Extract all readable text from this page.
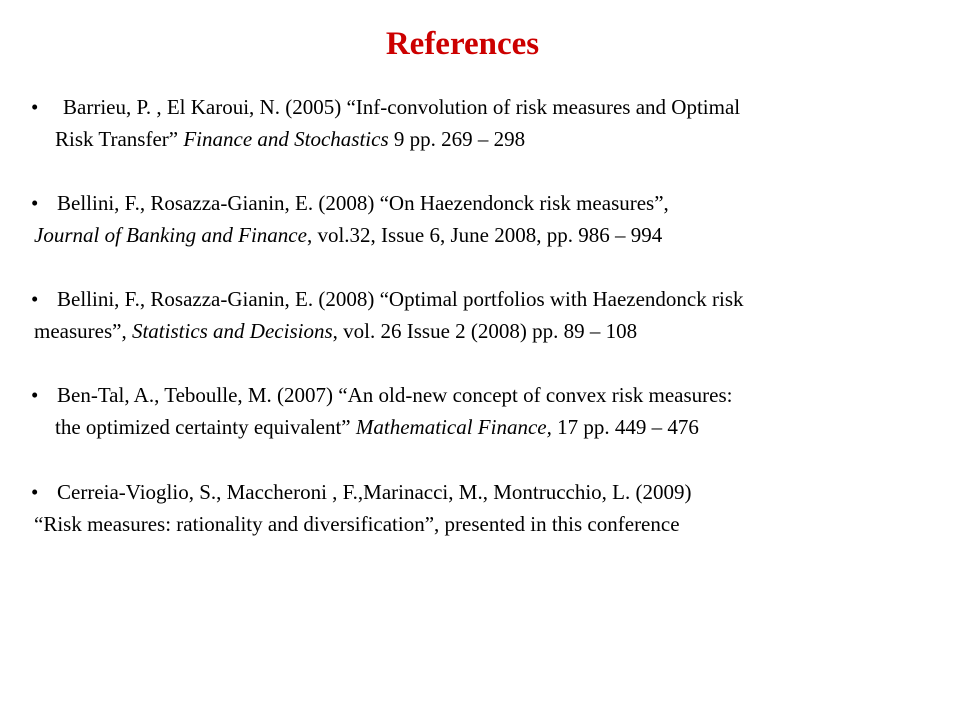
References
• Barrieu, P. , El Karoui, N. (2005) “Inf-convolution of risk measures and Optimal
Risk Transfer” Finance and Stochastics 9 pp. 269 – 298
• Bellini, F., Rosazza-Gianin, E. (2008) “On Haezendonck risk measures”,
Journal of Banking and Finance, vol.32, Issue 6, June 2008, pp. 986 – 994
• Bellini, F., Rosazza-Gianin, E. (2008) “Optimal portfolios with Haezendonck risk
measures”, Statistics and Decisions, vol. 26 Issue 2 (2008) pp. 89 – 108
• Ben-Tal, A., Teboulle, M. (2007) “An old-new concept of convex risk measures:
the optimized certainty equivalent” Mathematical Finance, 17 pp. 449 – 476
• Cerreia-Vioglio, S., Maccheroni , F.,Marinacci, M., Montrucchio, L. (2009)
“Risk measures: rationality and diversification”, presented in this conference
